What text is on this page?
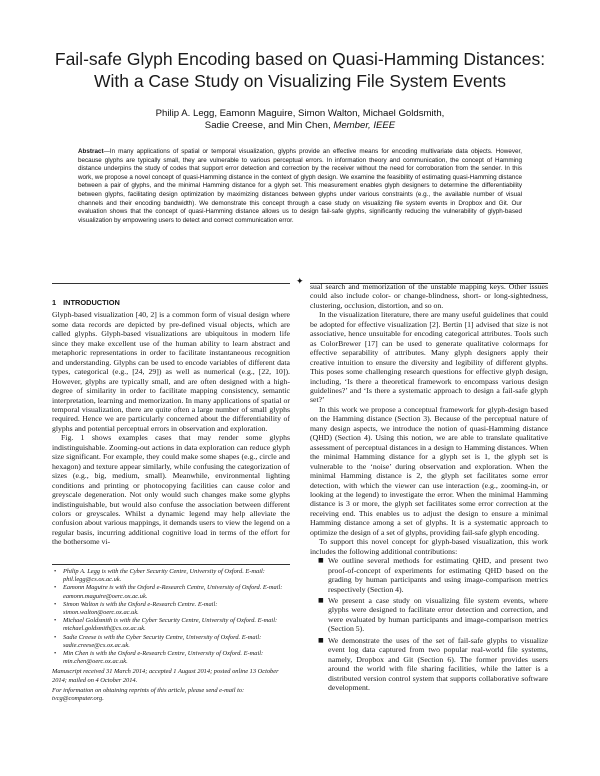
Fail-safe Glyph Encoding based on Quasi-Hamming Distances:
With a Case Study on Visualizing File System Events
Philip A. Legg, Eamonn Maguire, Simon Walton, Michael Goldsmith,
Sadie Creese, and Min Chen, Member, IEEE
Abstract—In many applications of spatial or temporal visualization, glyphs provide an effective means for encoding multivariate data objects. However, because glyphs are typically small, they are vulnerable to various perceptual errors. In information theory and communication, the concept of Hamming distance underpins the study of codes that support error detection and correction by the receiver without the need for corroboration from the sender. In this work, we propose a novel concept of quasi-Hamming distance in the context of glyph design. We examine the feasibility of estimating quasi-Hamming distance between a pair of glyphs, and the minimal Hamming distance for a glyph set. This measurement enables glyph designers to determine the differentiability between glyphs, facilitating design optimization by maximizing distances between glyphs under various constraints (e.g., the available number of visual channels and their encoding bandwidth). We demonstrate this concept through a case study on visualizing file system events in Dropbox and Git. Our evaluation shows that the concept of quasi-Hamming distance allows us to design fail-safe glyphs, significantly reducing the vulnerability of glyph-based visualization by empowering users to detect and correct communication error.
✦
1 INTRODUCTION

Glyph-based visualization [40, 2] is a common form of visual design where some data records are depicted by pre-defined visual objects, which are called glyphs. Glyph-based visualizations are ubiquitous in modern life since they make excellent use of the human ability to learn abstract and metaphoric representations in order to facilitate instantaneous recognition and understanding. Glyphs can be used to encode variables of different data types, categorical (e.g., [24, 29]) as well as numerical (e.g., [22, 10]). However, glyphs are typically small, and are often designed with a high-degree of similarity in order to facilitate mapping consistency, semantic interpretation, learning and memorization. In many applications of spatial or temporal visualization, there are quite often a large number of small glyphs required. Hence we are particularly concerned about the differentiability of glyphs and potential perceptual errors in observation and exploration.

Fig. 1 shows examples cases that may render some glyphs indistinguishable. Zooming-out actions in data exploration can reduce glyph size significant. For example, they could make some shapes (e.g., circle and hexagon) and texture appear similarly, while confusing the categorization of sizes (e.g., big, medium, small). Meanwhile, environmental lighting conditions and printing or photocopying facilities can cause color and greyscale degeneration. Not only would such changes make some glyphs indistinguishable, but would also confuse the association between different colors or greyscales. Whilst a dynamic legend may help alleviate the confusion about various mappings, it demands users to view the legend on a regular basis, incurring additional cognitive load in terms of the effort for the bothersome vi-

• Philip A. Legg is with the Cyber Security Centre, University of Oxford. E-mail: phil.legg@cs.ox.ac.uk.
• Eamonn Maguire is with the Oxford e-Research Centre, University of Oxford. E-mail: eamonn.maguire@oerc.ox.ac.uk.
• Simon Walton is with the Oxford e-Research Centre. E-mail: simon.walton@oerc.ox.ac.uk.
• Michael Goldsmith is with the Cyber Security Centre, University of Oxford. E-mail: michael.goldsmith@cs.ox.ac.uk.
• Sadie Creese is with the Cyber Security Centre, University of Oxford. E-mail: sadie.creese@cs.ox.ac.uk.
• Min Chen is with the Oxford e-Research Centre, University of Oxford. E-mail: min.chen@oerc.ox.ac.uk.
Manuscript received 31 March 2014; accepted 1 August 2014; posted online 13 October 2014; mailed on 4 October 2014.
For information on obtaining reprints of this article, please send e-mail to: tvcg@computer.org.

sual search and memorization of the unstable mapping keys. Other issues could also include color- or change-blindness, short- or long-sightedness, clustering, occlusion, distortion, and so on.

In the visualization literature, there are many useful guidelines that could be adopted for effective visualization [2]. Bertin [1] advised that size is not associative, hence unsuitable for encoding categorical attributes. Tools such as ColorBrewer [17] can be used to generate qualitative colormaps for effective separability of attributes. Many glyph designers apply their creative intuition to ensure the diversity and legibility of different glyphs. This poses some challenging research questions for effective glyph design, including, ‘Is there a theoretical framework to encompass various design guidelines?’ and ‘Is there a systematic approach to design a fail-safe glyph set?’

In this work we propose a conceptual framework for glyph-design based on the Hamming distance (Section 3). Because of the perceptual nature of many design aspects, we introduce the notion of quasi-Hamming distance (QHD) (Section 4). Using this notion, we are able to translate qualitative assessment of perceptual distances in a design to Hamming distances. When the minimal Hamming distance for a glyph set is 1, the glyph set is vulnerable to the ‘noise’ during observation and exploration. When the minimal Hamming distance is 2, the glyph set facilitates some error detection, with which the viewer can use interaction (e.g., zooming-in, or looking at the legend) to investigate the error. When the minimal Hamming distance is 3 or more, the glyph set facilitates some error correction at the receiving end. This enables us to adjust the design to ensure a minimal Hamming distance among a set of glyphs. It is a systematic approach to optimize the design of a set of glyphs, providing fail-safe glyph encoding.

To support this novel concept for glyph-based visualization, this work includes the following additional contributions:

■ We outline several methods for estimating QHD, and present two proof-of-concept of experiments for estimating QHD based on the grading by human participants and using image-comparison metrics respectively (Section 4).
■ We present a case study on visualizing file system events, where glyphs were designed to facilitate error detection and correction, and were evaluated by human participants and image-comparison metrics (Section 5).
■ We demonstrate the uses of the set of fail-safe glyphs to visualize event log data captured from two popular real-world file systems, namely, Dropbox and Git (Section 6). The former provides users around the world with file sharing facilities, while the latter is a distributed version control system that supports collaborative software development.
